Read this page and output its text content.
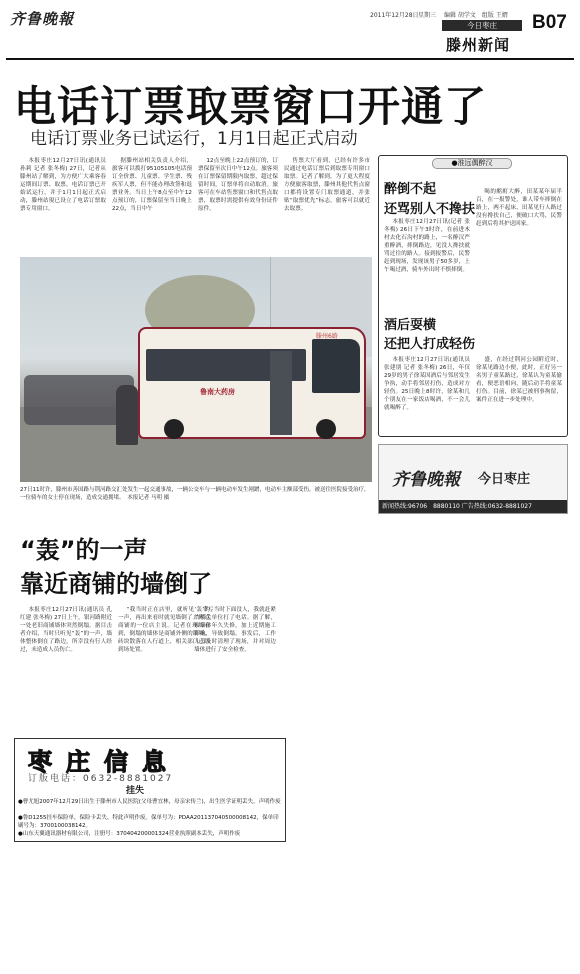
齐鲁晚報	2011年12月28日 星期三 编辑 胡学文　组版 王婿
今日枣庄
滕州新闻
B07
电话订票取票窗口开通了
电话订票业务已试运行，1月1日起正式启动

本报枣庄12月27日讯(通讯员 孙莉 记者 张冬梅) 27日，记者从滕州站了解到，为方便广大乘客春运期间订票、取票，电话订票已开始试运行，并于1月1日起正式启动，滕州站現已设立了电话订票取票专用窗口。

据滕州站相关负责人介绍，旅客可以拨打95105105电话预订全价票、儿童票、学生票、残疾军人票，但不能办理改签和退票业务。当日上午8点至中午12点预订的，订票保留至当日晚上22点，当日中午

12点至晚上22点预订的，订票保留至次日中午12点。旅客须在订票保留期限内取票，超过保留时间，订票单将自动取消。旅客可在车站售票窗口和代售点取票，取票时需提供有效身份证件原件。

售票大厅看到，已经有许多市民通过电话订票后到取票专用窗口取票。记者了解到，为了更大程度方便旅客取票，滕州其他代售点窗口都将设置专门取票通道，并张贴“取票优先”标志，旅客可以就近去取票。

滕州6路
鲁南大药房
27日11时许，滕州市善国路与荆河路交汇处发生一起交通事故，一辆公交车与一辆电动车发生剐蹭，电动车主额部受伤，被送往医院接受治疗，一位骑车的女士停在现场，造成交通拥堵。　本报记者 马明 摄
●淮远偶醉汉
醉倒不起
还骂别人不搀扶

本报枣庄12月27日讯(记者 张冬梅) 26日下午3时许，在前进木村去化石沟村的路上，一名醉汉严重醉酒，摔倒路边，见没人搀扶就骂过往的路人。接到报警后，民警赶到现场，发现该男子50多岁，上午喝过酒，骑车外出时不慎摔倒。

喝的酩酊大醉，田某某年届半百，在一报警处，谁人带车摔倒在路上，两不起床，田某见行人路过没有搀扶自己，便破口大骂，民警赶到后将其护送回家。

酒后耍横
还把人打成轻伤

本报枣庄12月27日讯(通讯员 张建朋 记者 张冬梅) 26日，年仅29岁的男子徐某因酒后与邻居发生争执，动手将邻居打伤，造成对方轻伤。25日晚上8时许，徐某和几个朋友在一家饭店喝酒，不一会儿就喝醉了。

盛，在经过荆河公园附近时，徐某见路边小便，此时，正好另一名男子童某路过，徐某认为童某偷看，便恶语相向，随后动手将童某打伤。目前，徐某已被刑事拘留，案件正在进一步处理中。

齐鲁晚報 今日枣庄
新闻热线:96706　8880110 广告热线:0632-8881027
“轰”的一声
靠近商铺的墙倒了

本报枣庄12月27日讯(通讯员 孔红建 张冬梅) 27日上午，银河路附近一处老旧商铺墙体突然倒塌。据目击者介绍，当时只听见“轰”的一声，墙体整体倒在了路边，所幸没有行人经过，未造成人员伤亡。

“我当时正在店里，就听见‘轰’的一声，再出来看时就见墙倒了。”附近商铺的一位店主说。记者在现场看到，倒塌的墙体是商铺外侧的围墙，砖块散落在人行道上，相关部门已经到场处置。

幸亏当时下面没人，我就赶紧给相关单位打了电话。据了解，该墙体年久失修，加上近期施工影响，导致倒塌。事发后，工作人员及时清理了现场，并对周边墙体进行了安全检查。

枣庄信息
订版电话：0632-8881027
挂失
●曹尤旭2007年12月29日出生于滕州市人民医院(父母曹宜林，母亲宋传兰)，出生医学证明丢失，声明作废
●鲁D1255挂车保险单，保险卡丢失，特此声明作废。保单号为：PDAA201137040500008142，保单印刷号为：3700100038142。
●山东天翼通讯器材有限公司，注册号：370404200001324营业执照副本丢失，声明作废
